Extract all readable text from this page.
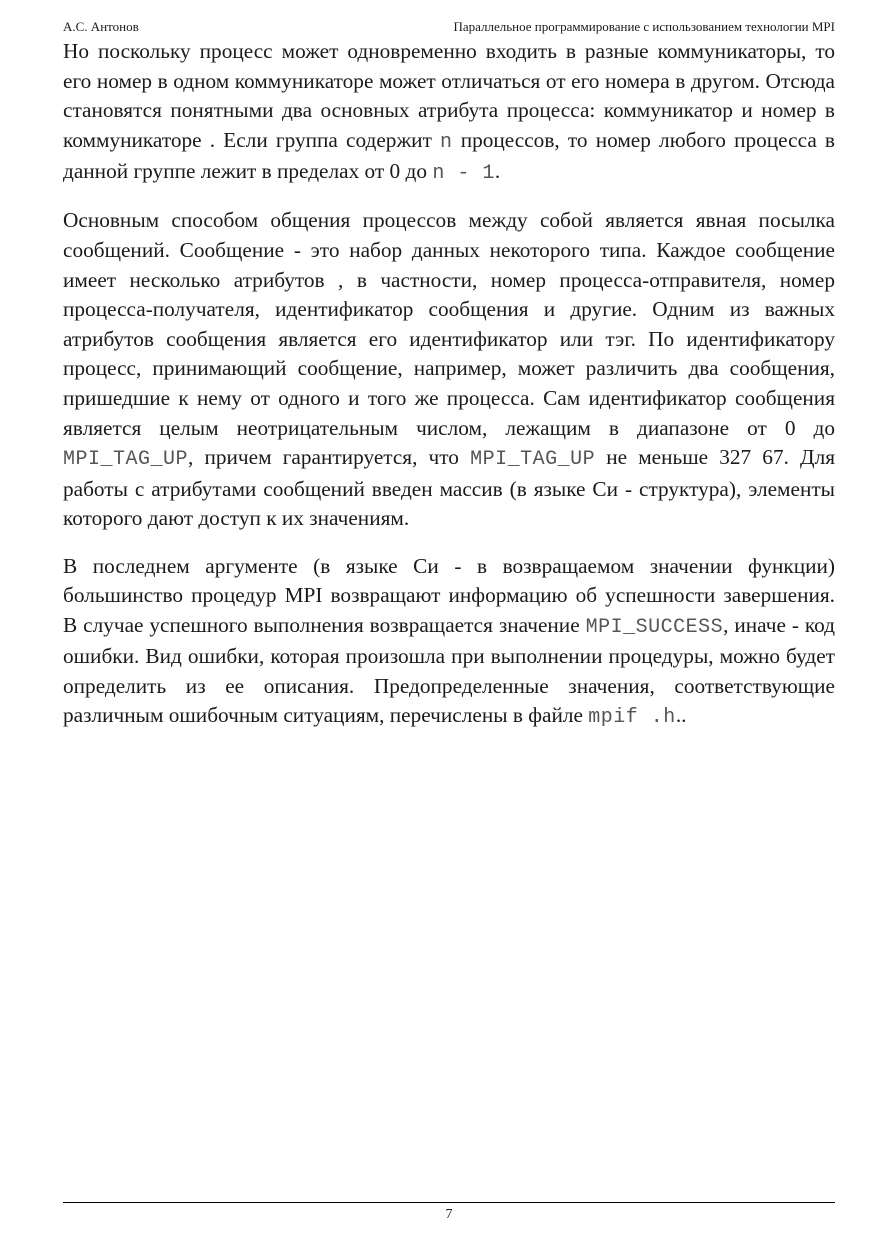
А.С. Антонов	Параллельное программирование с использованием технологии MPI

Но поскольку процесс может одновременно входить в разные коммуникаторы, то его номер в одном коммуникаторе может отличаться от его номера в другом. Отсюда становятся понятными два основных атрибута процесса: коммуникатор и номер в коммуникаторе . Если группа содержит n процессов, то номер любого процесса в данной группе лежит в пределах от 0 до n - 1.

Основным способом общения процессов между собой является явная посылка сообщений. Сообщение - это набор данных некоторого типа. Каждое сообщение имеет несколько атрибутов , в частности, номер процесса-отправителя, номер процесса-получателя, идентификатор сообщения и другие. Одним из важных атрибутов сообщения является его идентификатор или тэг. По идентификатору процесс, принимающий сообщение, например, может различить два сообщения, пришедшие к нему от одного и того же процесса. Сам идентификатор сообщения является целым неотрицательным числом, лежащим в диапазоне от 0 до MPI_TAG_UP, причем гарантируется, что MPI_TAG_UP не меньше 327 67. Для работы с атрибутами сообщений введен массив (в языке Си - структура), элементы которого дают доступ к их значениям.

В последнем аргументе (в языке Си - в возвращаемом значении функции) большинство процедур MPI возвращают информацию об успешности завершения. В случае успешного выполнения возвращается значение MPI_SUCCESS, иначе - код ошибки. Вид ошибки, которая произошла при выполнении процедуры, можно будет определить из ее описания. Предопределенные значения, соответствующие различным ошибочным ситуациям, перечислены в файле mpif .h..

7
